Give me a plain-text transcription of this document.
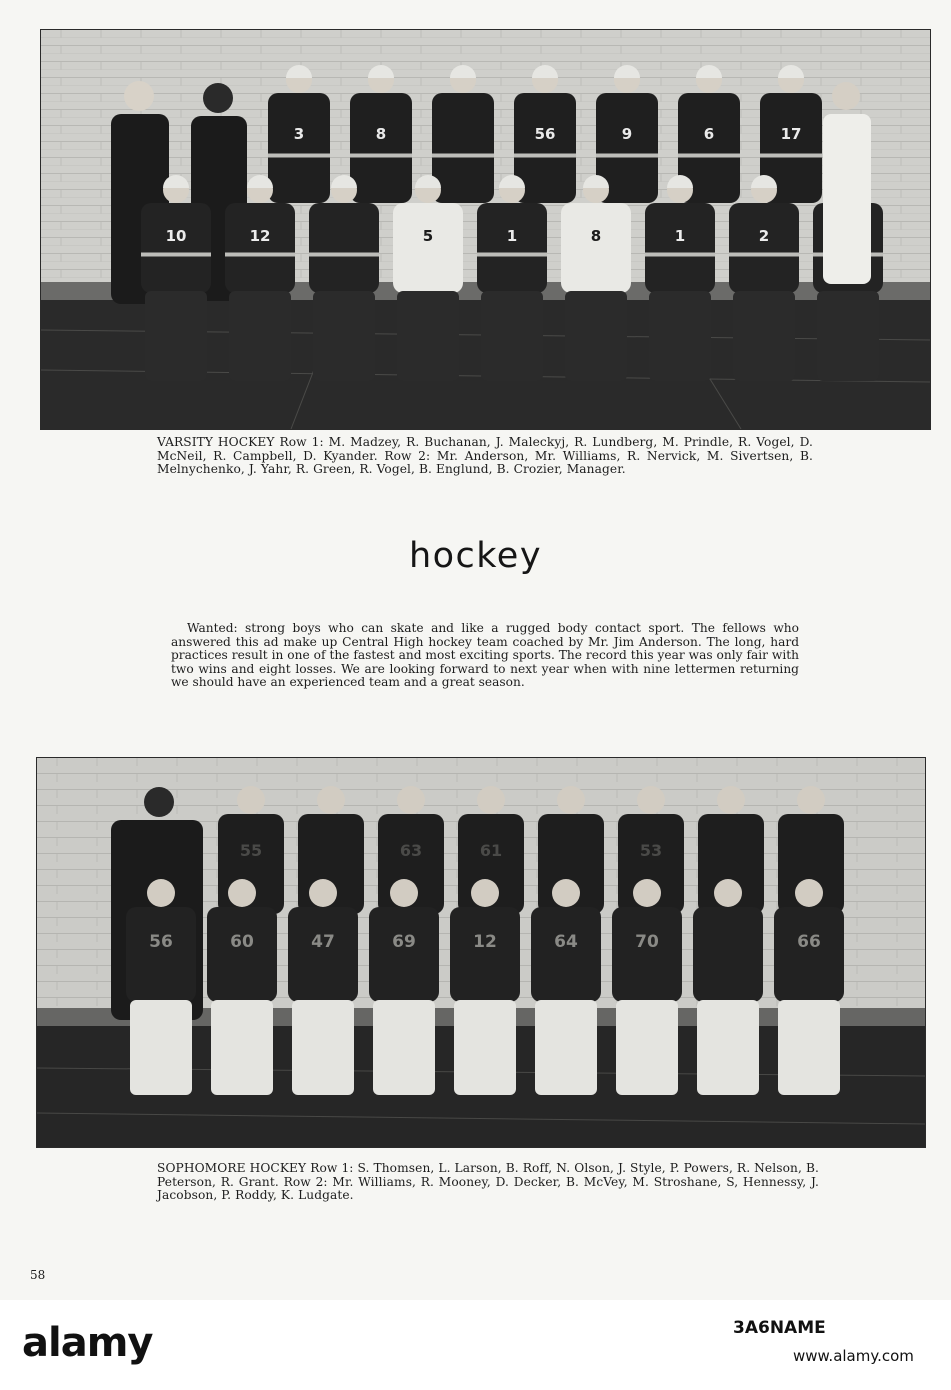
3	8	56	9	6	17
10	12	5	1	8	1	2
VARSITY HOCKEY Row 1: M. Madzey, R. Buchanan, J. Maleckyj, R. Lundberg, M. Prindle, R. Vogel, D. McNeil, R. Campbell, D. Kyander. Row 2: Mr. Anderson, Mr. Williams, R. Nervick, M. Sivertsen, B. Melnychenko, J. Yahr, R. Green, R. Vogel, B. Englund, B. Crozier, Manager.
hockey
Wanted: strong boys who can skate and like a rugged body contact sport. The fellows who answered this ad make up Central High hockey team coached by Mr. Jim Anderson. The long, hard practices result in one of the fastest and most exciting sports. The record this year was only fair with two wins and eight losses. We are looking forward to next year when with nine lettermen returning we should have an experienced team and a great season.
55	63	61	53
56	60	47	69	12	64	70	66
SOPHOMORE HOCKEY Row 1: S. Thomsen, L. Larson, B. Roff, N. Olson, J. Style, P. Powers, R. Nelson, B. Peterson, R. Grant. Row 2: Mr. Williams, R. Mooney, D. Decker, B. McVey, M. Stroshane, S, Hennessy, J. Jacobson, P. Roddy, K. Ludgate.
58
alamy	3A6NAME
www.alamy.com
